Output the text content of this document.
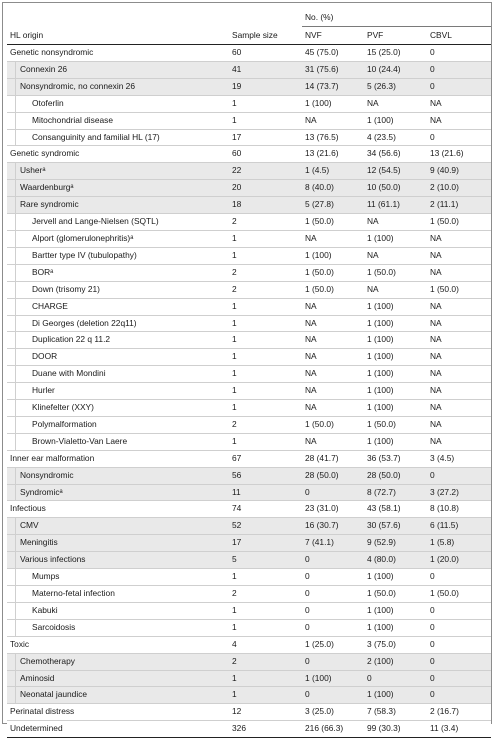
		No. (%)		
HL origin	Sample size	NVF	PVF	CBVL

Genetic nonsyndromic	60	45 (75.0)	15 (25.0)	0

Connexin 26	41	31 (75.6)	10 (24.4)	0

Nonsyndromic, no connexin 26	19	14 (73.7)	5 (26.3)	0

Otoferlin	1	1 (100)	NA	NA

Mitochondrial disease	1	NA	1 (100)	NA

Consanguinity and familial HL (17)	17	13 (76.5)	4 (23.5)	0

Genetic syndromic	60	13 (21.6)	34 (56.6)	13 (21.6)

Usherᵃ	22	1 (4.5)	12 (54.5)	9 (40.9)

Waardenburgᵃ	20	8 (40.0)	10 (50.0)	2 (10.0)

Rare syndromic	18	5 (27.8)	11 (61.1)	2 (11.1)

Jervell and Lange-Nielsen (SQTL)	2	1 (50.0)	NA	1 (50.0)

Alport (glomerulonephritis)ᵃ	1	NA	1 (100)	NA

Bartter type IV (tubulopathy)	1	1 (100)	NA	NA

BORᵃ	2	1 (50.0)	1 (50.0)	NA

Down (trisomy 21)	2	1 (50.0)	NA	1 (50.0)

CHARGE	1	NA	1 (100)	NA

Di Georges (deletion 22q11)	1	NA	1 (100)	NA

Duplication 22 q 11.2	1	NA	1 (100)	NA

DOOR	1	NA	1 (100)	NA

Duane with Mondini	1	NA	1 (100)	NA

Hurler	1	NA	1 (100)	NA

Klinefelter (XXY)	1	NA	1 (100)	NA

Polymalformation	2	1 (50.0)	1 (50.0)	NA

Brown-Vialetto-Van Laere	1	NA	1 (100)	NA

Inner ear malformation	67	28 (41.7)	36 (53.7)	3 (4.5)

Nonsyndromic	56	28 (50.0)	28 (50.0)	0

Syndromicᵃ	11	0	8 (72.7)	3 (27.2)

Infectious	74	23 (31.0)	43 (58.1)	8 (10.8)

CMV	52	16 (30.7)	30 (57.6)	6 (11.5)

Meningitis	17	7 (41.1)	9 (52.9)	1 (5.8)

Various infections	5	0	4 (80.0)	1 (20.0)

Mumps	1	0	1 (100)	0

Materno-fetal infection	2	0	1 (50.0)	1 (50.0)

Kabuki	1	0	1 (100)	0

Sarcoidosis	1	0	1 (100)	0

Toxic	4	1 (25.0)	3 (75.0)	0

Chemotherapy	2	0	2 (100)	0

Aminosid	1	1 (100)	0	0

Neonatal jaundice	1	0	1 (100)	0

Perinatal distress	12	3 (25.0)	7 (58.3)	2 (16.7)

Undetermined	326	216 (66.3)	99 (30.3)	11 (3.4)
